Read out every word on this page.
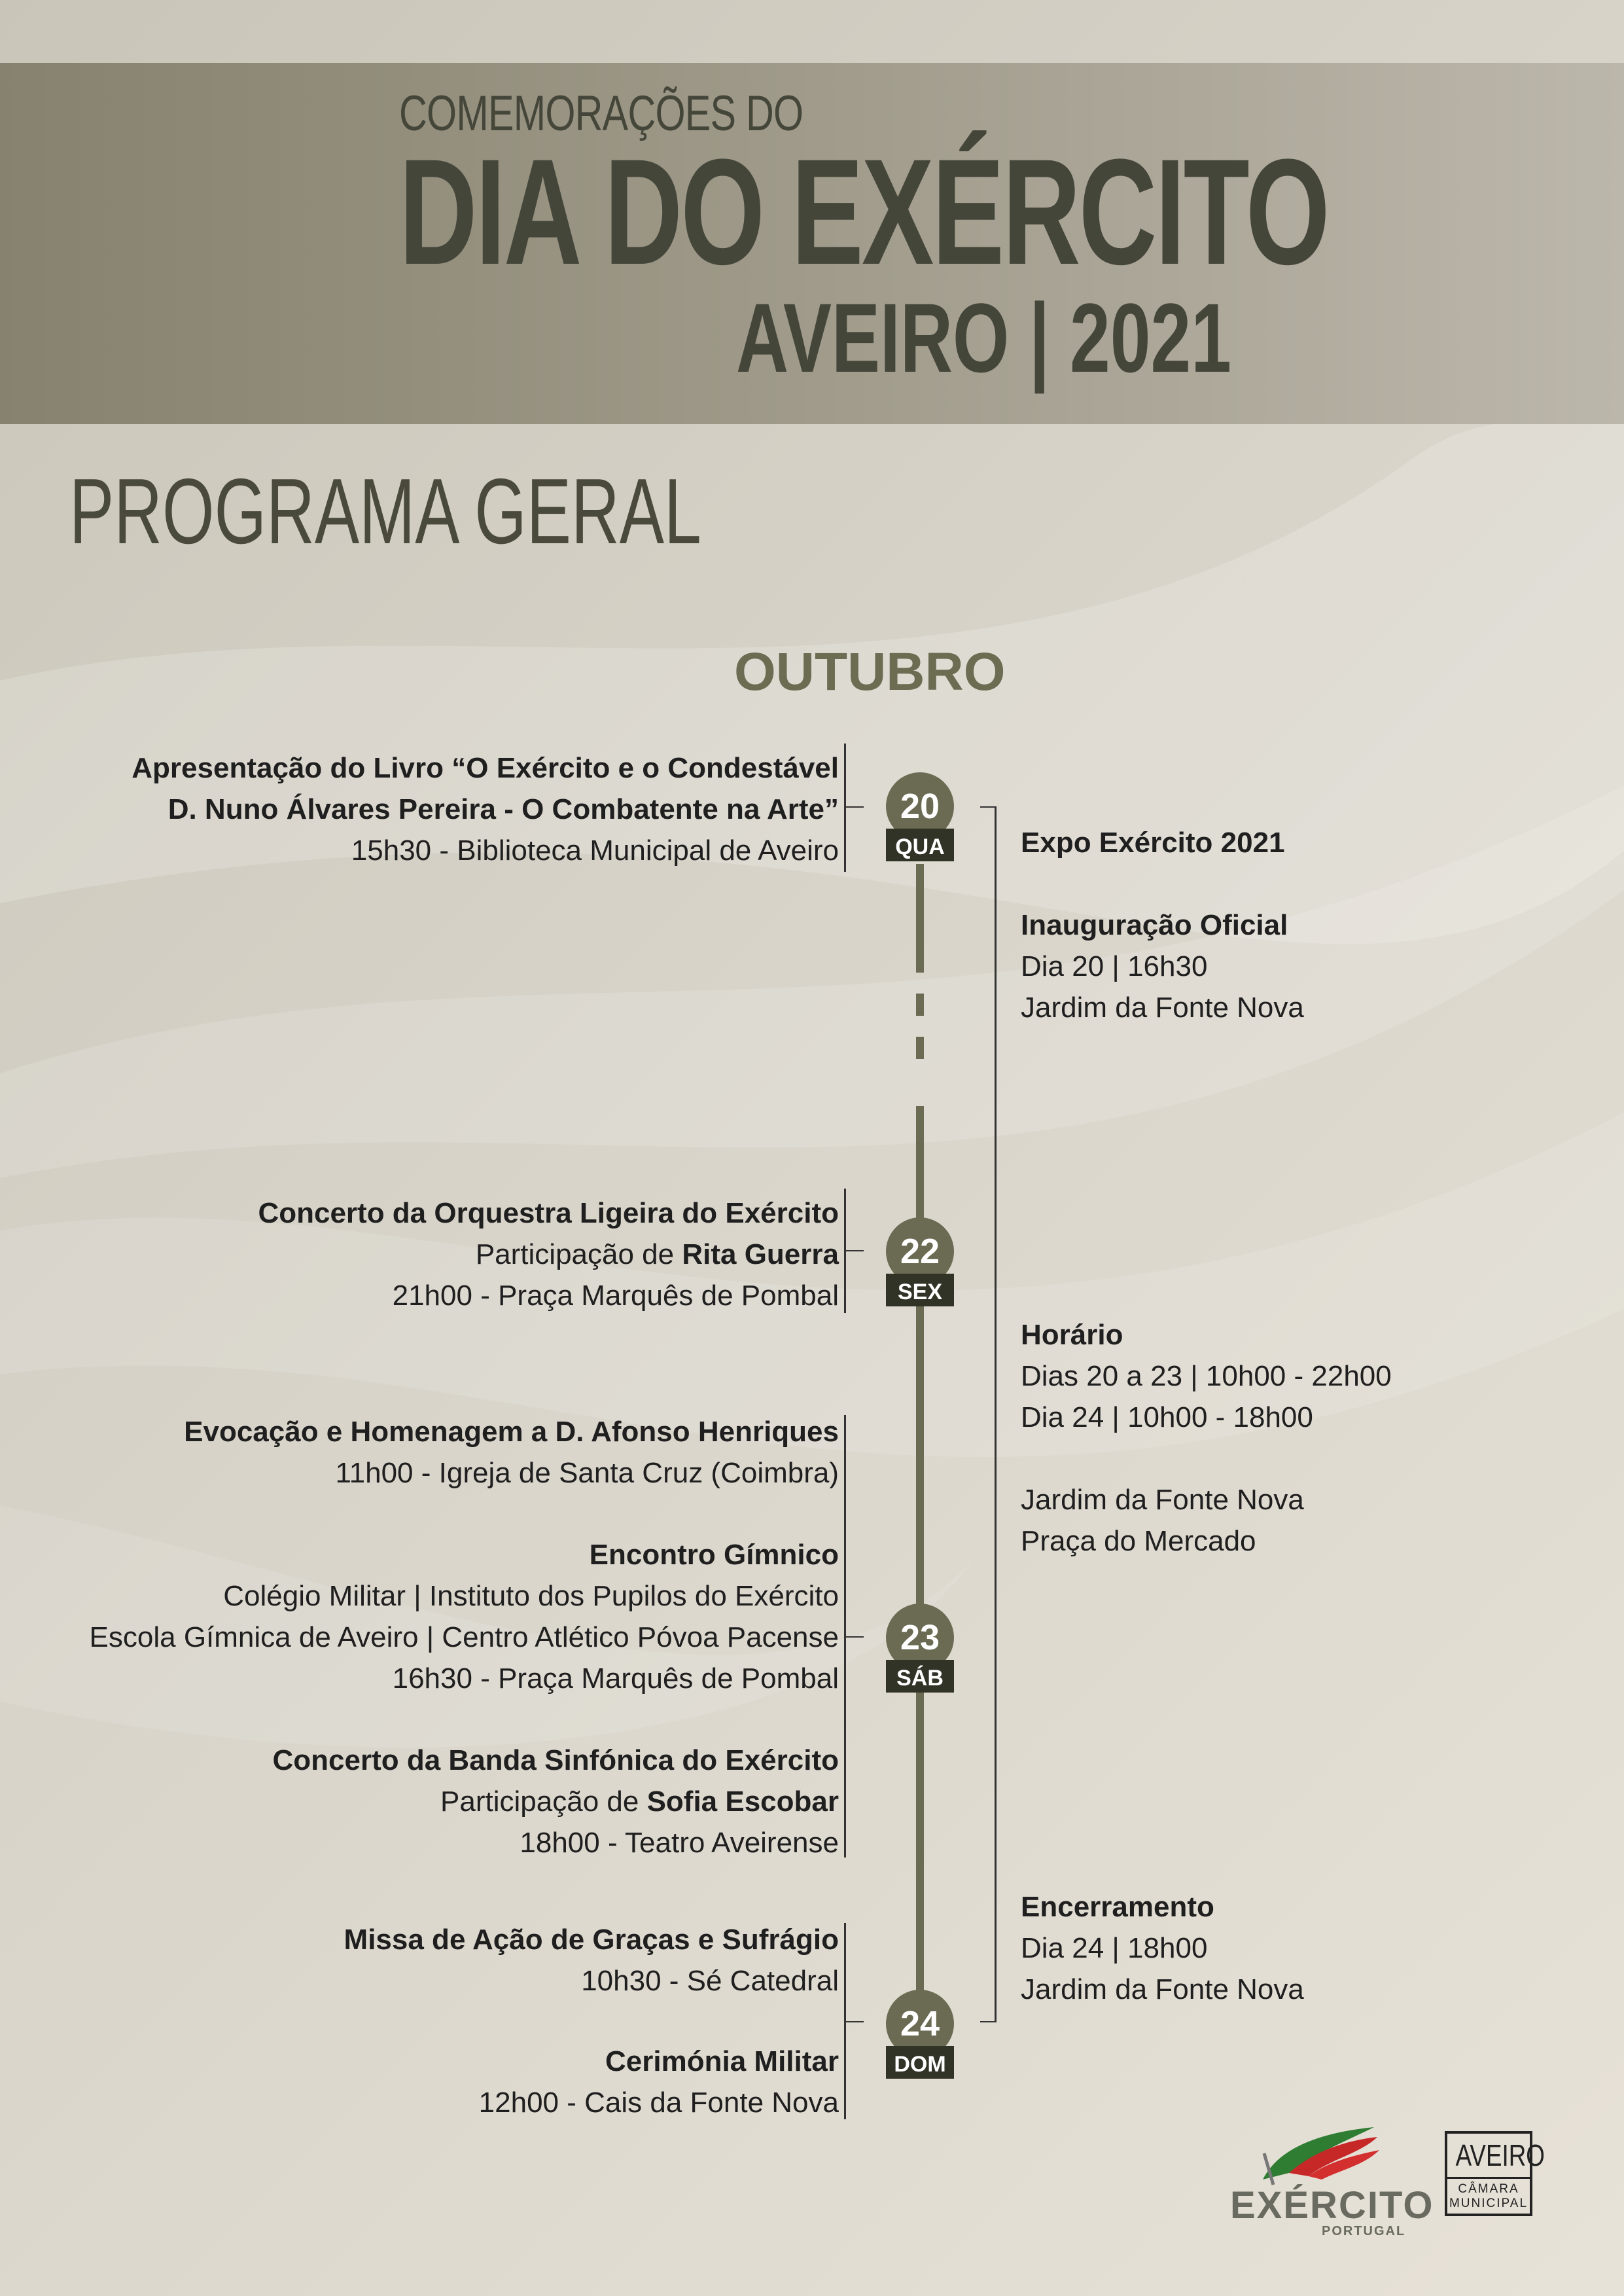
COMEMORAÇÕES DO
DIA DO EXÉRCITO
AVEIRO | 2021
PROGRAMA GERAL
OUTUBRO
20
QUA
22
SEX
23
SÁB
24
DOM
Apresentação do Livro “O Exército e o Condestável
D. Nuno Álvares Pereira - O Combatente na Arte”
15h30 - Biblioteca Municipal de Aveiro
Concerto da Orquestra Ligeira do Exército
Participação de Rita Guerra
21h00 - Praça Marquês de Pombal
Evocação e Homenagem a D. Afonso Henriques
11h00 - Igreja de Santa Cruz (Coimbra)
Encontro Gímnico
Colégio Militar | Instituto dos Pupilos do Exército
Escola Gímnica de Aveiro | Centro Atlético Póvoa Pacense
16h30 - Praça Marquês de Pombal
Concerto da Banda Sinfónica do Exército
Participação de Sofia Escobar
18h00 - Teatro Aveirense
Missa de Ação de Graças e Sufrágio
10h30 - Sé Catedral
Cerimónia Militar
12h00 - Cais da Fonte Nova
Expo Exército 2021
Inauguração Oficial
Dia 20 | 16h30
Jardim da Fonte Nova
Horário
Dias 20 a 23 | 10h00 - 22h00
Dia 24 | 10h00 - 18h00
Jardim da Fonte Nova
Praça do Mercado
Encerramento
Dia 24 | 18h00
Jardim da Fonte Nova
EXÉRCITO
PORTUGAL
AVEIRO
CÂMARA
MUNICIPAL
